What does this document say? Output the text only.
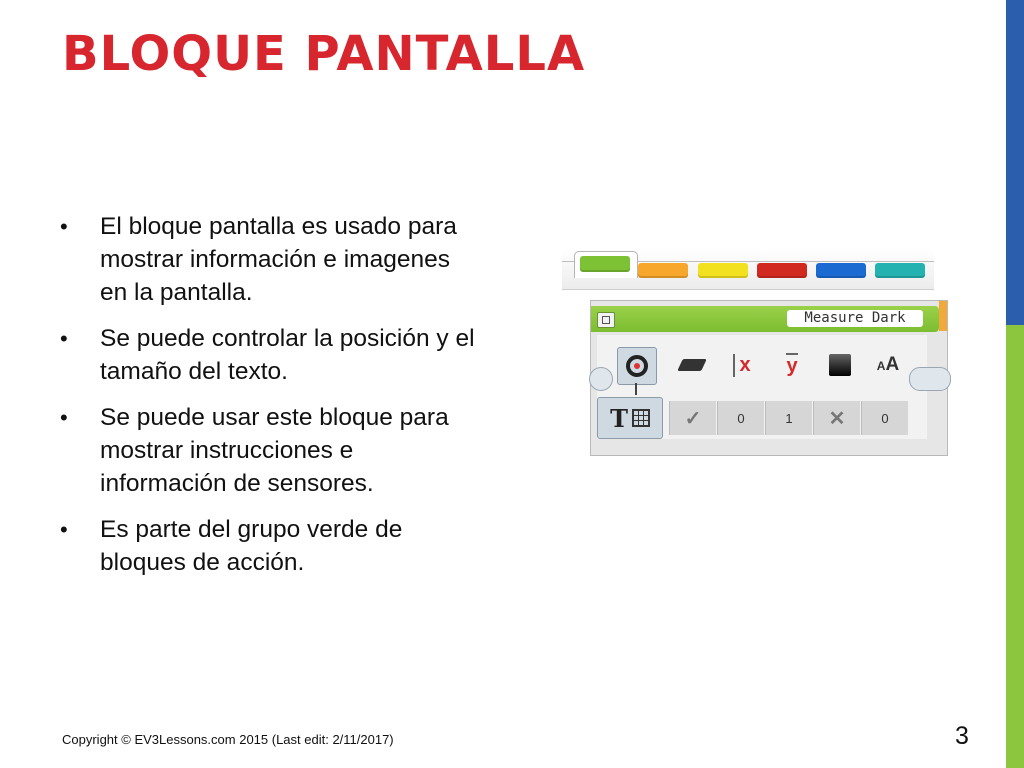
BLOQUE PANTALLA
• El bloque pantalla es usado para mostrar información e imagenes en la pantalla.
• Se puede controlar la posición y el tamaño del texto.
• Se puede usar este bloque para mostrar instrucciones e información de sensores.
• Es parte del grupo verde de bloques de acción.
Measure Dark
x y	AA
T	✓	0	1	✕	0
Copyright © EV3Lessons.com 2015 (Last edit: 2/11/2017)	3
